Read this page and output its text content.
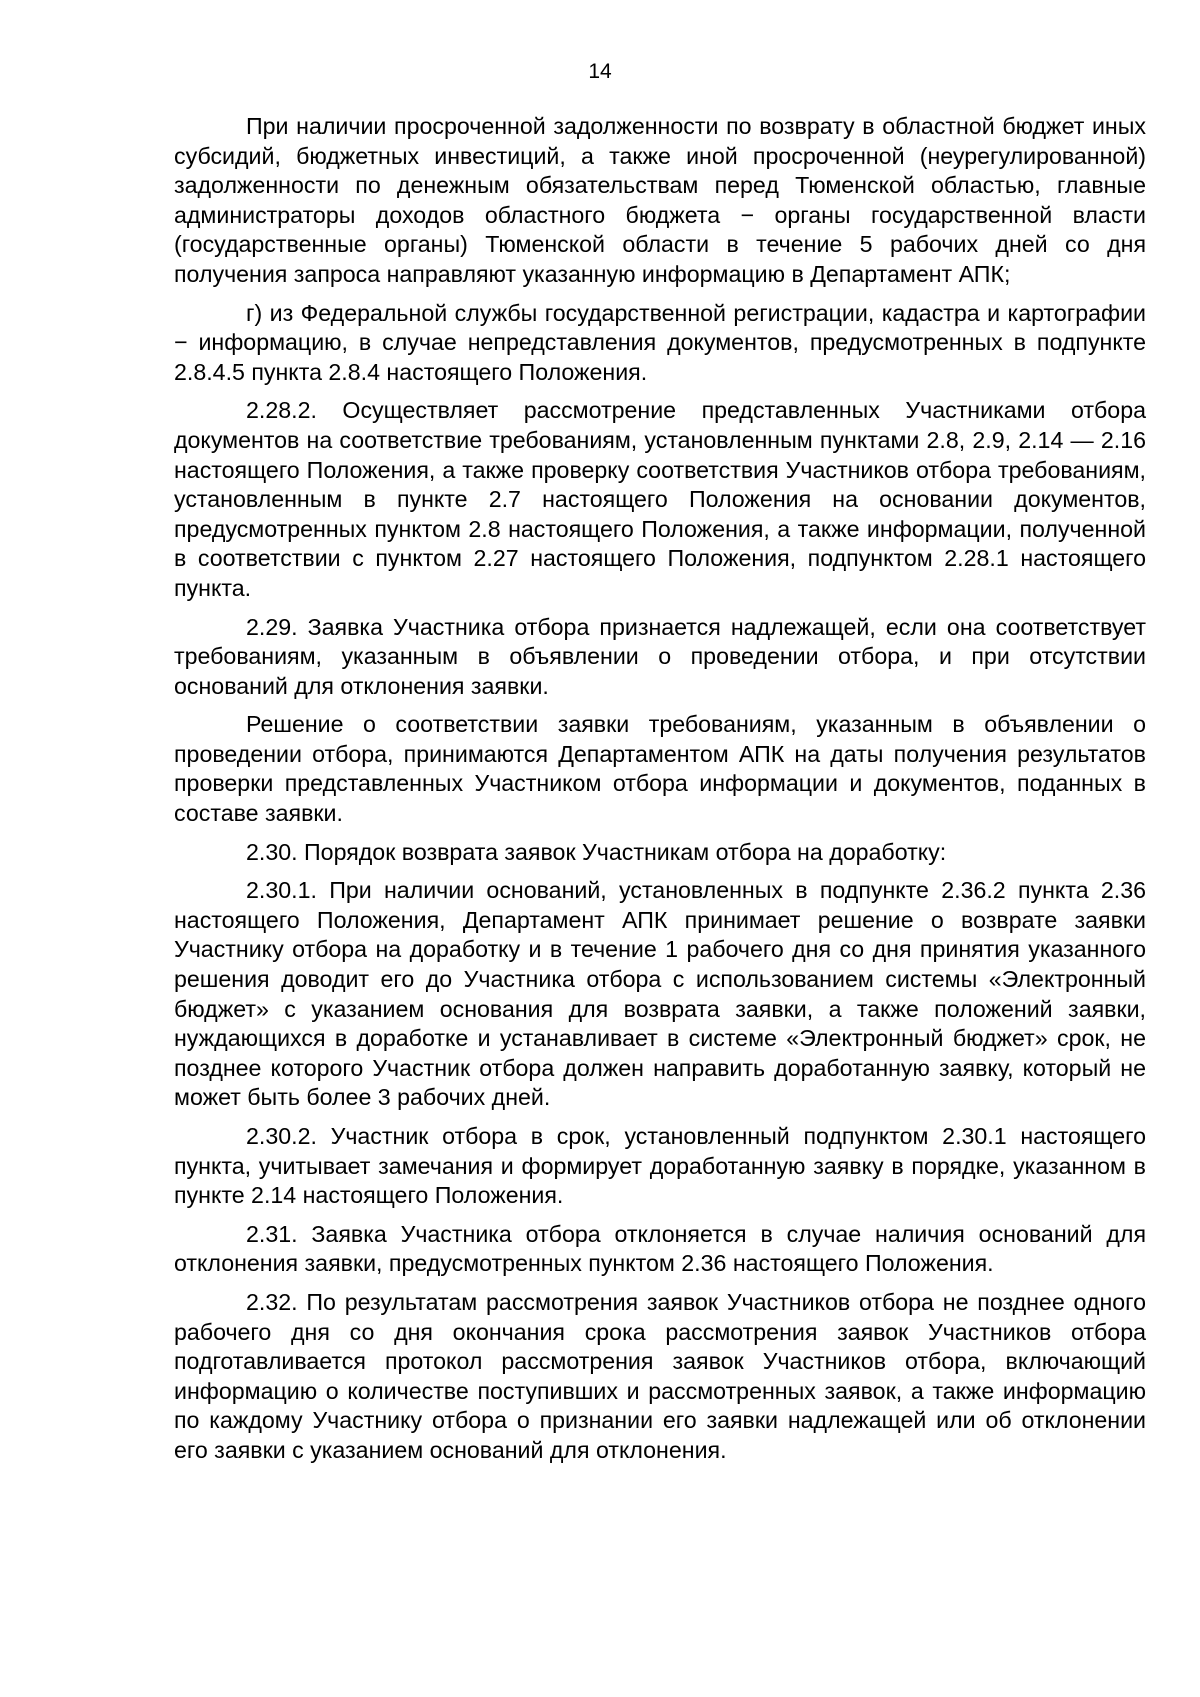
14

При наличии просроченной задолженности по возврату в областной бюджет иных субсидий, бюджетных инвестиций, а также иной просроченной (неурегулированной) задолженности по денежным обязательствам перед Тюменской областью, главные администраторы доходов областного бюджета − органы государственной власти (государственные органы) Тюменской области в течение 5 рабочих дней со дня получения запроса направляют указанную информацию в Департамент АПК;

г) из Федеральной службы государственной регистрации, кадастра и картографии − информацию, в случае непредставления документов, предусмотренных в подпункте 2.8.4.5 пункта 2.8.4 настоящего Положения.

2.28.2. Осуществляет рассмотрение представленных Участниками отбора документов на соответствие требованиям, установленным пунктами 2.8, 2.9, 2.14 — 2.16 настоящего Положения, а также проверку соответствия Участников отбора требованиям, установленным в пункте 2.7 настоящего Положения на основании документов, предусмотренных пунктом 2.8 настоящего Положения, а также информации, полученной в соответствии с пунктом 2.27 настоящего Положения, подпунктом 2.28.1 настоящего пункта.

2.29. Заявка Участника отбора признается надлежащей, если она соответствует требованиям, указанным в объявлении о проведении отбора, и при отсутствии оснований для отклонения заявки.

Решение о соответствии заявки требованиям, указанным в объявлении о проведении отбора, принимаются Департаментом АПК на даты получения результатов проверки представленных Участником отбора информации и документов, поданных в составе заявки.

2.30. Порядок возврата заявок Участникам отбора на доработку:

2.30.1. При наличии оснований, установленных в подпункте 2.36.2 пункта 2.36 настоящего Положения, Департамент АПК принимает решение о возврате заявки Участнику отбора на доработку и в течение 1 рабочего дня со дня принятия указанного решения доводит его до Участника отбора с использованием системы «Электронный бюджет» с указанием основания для возврата заявки, а также положений заявки, нуждающихся в доработке и устанавливает в системе «Электронный бюджет» срок, не позднее которого Участник отбора должен направить доработанную заявку, который не может быть более 3 рабочих дней.

2.30.2. Участник отбора в срок, установленный подпунктом 2.30.1 настоящего пункта, учитывает замечания и формирует доработанную заявку в порядке, указанном в пункте 2.14 настоящего Положения.

2.31. Заявка Участника отбора отклоняется в случае наличия оснований для отклонения заявки, предусмотренных пунктом 2.36 настоящего Положения.

2.32. По результатам рассмотрения заявок Участников отбора не позднее одного рабочего дня со дня окончания срока рассмотрения заявок Участников отбора подготавливается протокол рассмотрения заявок Участников отбора, включающий информацию о количестве поступивших и рассмотренных заявок, а также информацию по каждому Участнику отбора о признании его заявки надлежащей или об отклонении его заявки с указанием оснований для отклонения.
